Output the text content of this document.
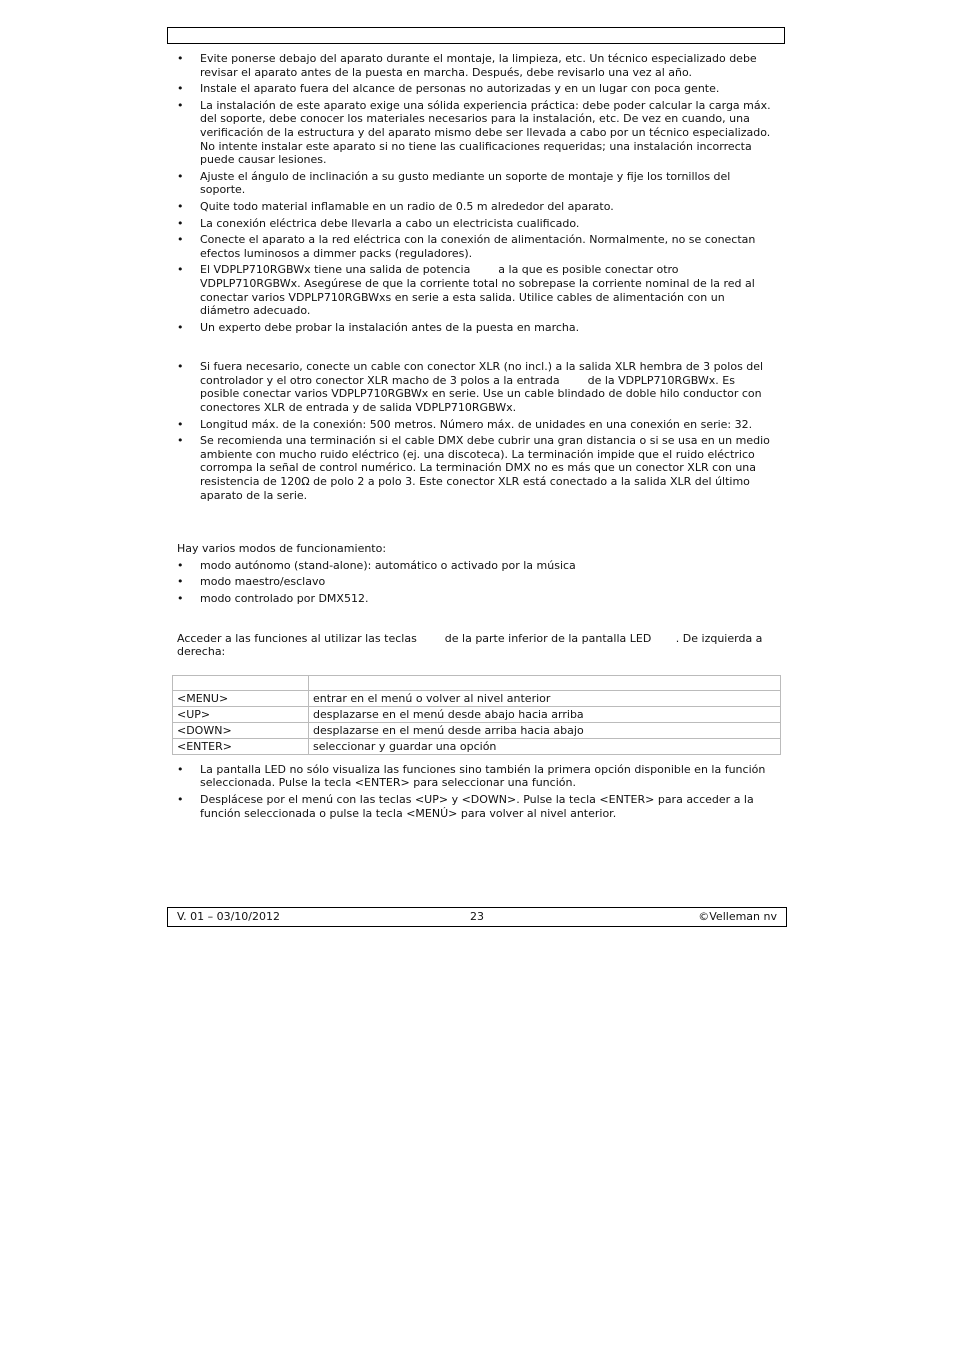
• Evite ponerse debajo del aparato durante el montaje, la limpieza, etc. Un técnico especializado debe revisar el aparato antes de la puesta en marcha. Después, debe revisarlo una vez al año.
• Instale el aparato fuera del alcance de personas no autorizadas y en un lugar con poca gente.
• La instalación de este aparato exige una sólida experiencia práctica: debe poder calcular la carga máx. del soporte, debe conocer los materiales necesarios para la instalación, etc. De vez en cuando, una verificación de la estructura y del aparato mismo debe ser llevada a cabo por un técnico especializado. No intente instalar este aparato si no tiene las cualificaciones requeridas; una instalación incorrecta puede causar lesiones.
• Ajuste el ángulo de inclinación a su gusto mediante un soporte de montaje y fije los tornillos del soporte.
• Quite todo material inflamable en un radio de 0.5 m alrededor del aparato.
• La conexión eléctrica debe llevarla a cabo un electricista cualificado.
• Conecte el aparato a la red eléctrica con la conexión de alimentación. Normalmente, no se conectan efectos luminosos a dimmer packs (reguladores).
• El VDPLP710RGBWx tiene una salida de potencia        a la que es posible conectar otro VDPLP710RGBWx. Asegúrese de que la corriente total no sobrepase la corriente nominal de la red al conectar varios VDPLP710RGBWxs en serie a esta salida. Utilice cables de alimentación con un diámetro adecuado.
• Un experto debe probar la instalación antes de la puesta en marcha.
• Si fuera necesario, conecte un cable con conector XLR (no incl.) a la salida XLR hembra de 3 polos del controlador y el otro conector XLR macho de 3 polos a la entrada        de la VDPLP710RGBWx. Es posible conectar varios VDPLP710RGBWx en serie. Use un cable blindado de doble hilo conductor con conectores XLR de entrada y de salida VDPLP710RGBWx.
• Longitud máx. de la conexión: 500 metros. Número máx. de unidades en una conexión en serie: 32.
• Se recomienda una terminación si el cable DMX debe cubrir una gran distancia o si se usa en un medio ambiente con mucho ruido eléctrico (ej. una discoteca). La terminación impide que el ruido eléctrico corrompa la señal de control numérico. La terminación DMX no es más que un conector XLR con una resistencia de 120Ω de polo 2 a polo 3. Este conector XLR está conectado a la salida XLR del último aparato de la serie.

Hay varios modos de funcionamiento:

• modo autónomo (stand-alone): automático o activado por la música
• modo maestro/esclavo
• modo controlado por DMX512.

Acceder a las funciones al utilizar las teclas        de la parte inferior de la pantalla LED       . De izquierda a derecha:

<MENU>	entrar en el menú o volver al nivel anterior
<UP>	desplazarse en el menú desde abajo hacia arriba
<DOWN>	desplazarse en el menú desde arriba hacia abajo
<ENTER>	seleccionar y guardar una opción
• La pantalla LED no sólo visualiza las funciones sino también la primera opción disponible en la función seleccionada. Pulse la tecla <ENTER> para seleccionar una función.
• Desplácese por el menú con las teclas <UP> y <DOWN>. Pulse la tecla <ENTER> para acceder a la función seleccionada o pulse la tecla <MENÚ> para volver al nivel anterior.
V. 01 – 03/10/2012	23	©Velleman nv
